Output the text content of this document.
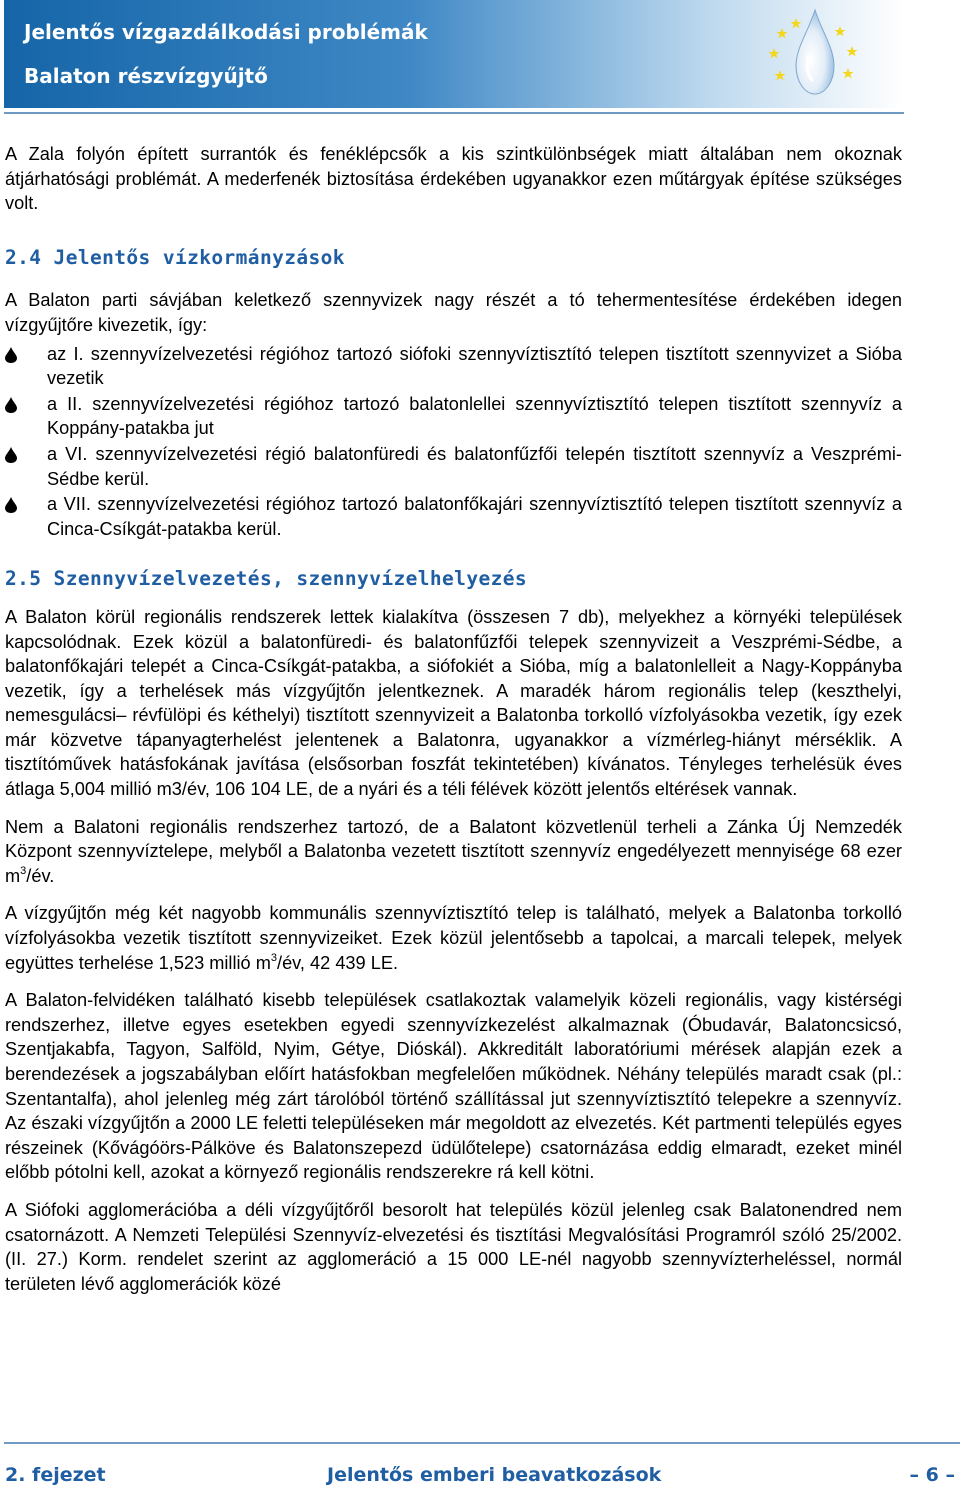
Jelentős vízgazdálkodási problémák
Balaton részvízgyűjtő

A Zala folyón épített surrantók és fenéklépcsők a kis szintkülönbségek miatt általában nem okoznak átjárhatósági problémát. A mederfenék biztosítása érdekében ugyanakkor ezen műtárgyak építése szükséges volt.

2.4 Jelentős vízkormányzások

A Balaton parti sávjában keletkező szennyvizek nagy részét a tó tehermentesítése érdekében idegen vízgyűjtőre kivezetik, így:

az I. szennyvízelvezetési régióhoz tartozó siófoki szennyvíztisztító telepen tisztított szennyvizet a Sióba vezetik
a II. szennyvízelvezetési régióhoz tartozó balatonlellei szennyvíztisztító telepen tisztított szennyvíz a Koppány-patakba jut
a VI. szennyvízelvezetési régió balatonfüredi és balatonfűzfői telepén tisztított szennyvíz a Veszprémi-Sédbe kerül.
a VII. szennyvízelvezetési régióhoz tartozó balatonfőkajári szennyvíztisztító telepen tisztított szennyvíz a Cinca-Csíkgát-patakba kerül.
2.5 Szennyvízelvezetés, szennyvízelhelyezés

A Balaton körül regionális rendszerek lettek kialakítva (összesen 7 db), melyekhez a környéki települések kapcsolódnak. Ezek közül a balatonfüredi- és balatonfűzfői telepek szennyvizeit a Veszprémi-Sédbe, a balatonfőkajári telepét a Cinca-Csíkgát-patakba, a siófokiét a Sióba, míg a balatonlelleit a Nagy-Koppányba vezetik, így a terhelések más vízgyűjtőn jelentkeznek. A maradék három regionális telep (keszthelyi, nemesgulácsi– révfülöpi és kéthelyi) tisztított szennyvizeit a Balatonba torkolló vízfolyásokba vezetik, így ezek már közvetve tápanyagterhelést jelentenek a Balatonra, ugyanakkor a vízmérleg-hiányt mérséklik. A tisztítóművek hatásfokának javítása (elsősorban foszfát tekintetében) kívánatos. Tényleges terhelésük éves átlaga 5,004 millió m3/év, 106 104 LE, de a nyári és a téli félévek között jelentős eltérések vannak.

Nem a Balatoni regionális rendszerhez tartozó, de a Balatont közvetlenül terheli a Zánka Új Nemzedék Központ szennyvíztelepe, melyből a Balatonba vezetett tisztított szennyvíz engedélyezett mennyisége 68 ezer $m^3/év$.

A vízgyűjtőn még két nagyobb kommunális szennyvíztisztító telep is található, melyek a Balatonba torkolló vízfolyásokba vezetik tisztított szennyvizeiket. Ezek közül jelentősebb a tapolcai, a marcali telepek, melyek együttes terhelése 1,523 millió $m^3/év$, 42 439 LE.

A Balaton-felvidéken található kisebb települések csatlakoztak valamelyik közeli regionális, vagy kistérségi rendszerhez, illetve egyes esetekben egyedi szennyvízkezelést alkalmaznak (Óbudavár, Balatoncsicsó, Szentjakabfa, Tagyon, Salföld, Nyim, Gétye, Dióskál). Akkreditált laboratóriumi mérések alapján ezek a berendezések a jogszabályban előírt hatásfokban megfelelően működnek. Néhány település maradt csak (pl.: Szentantalfa), ahol jelenleg még zárt tárolóból történő szállítással jut szennyvíztisztító telepekre a szennyvíz. Az északi vízgyűjtőn a 2000 LE feletti településeken már megoldott az elvezetés. Két partmenti település egyes részeinek (Kővágóörs-Pálköve és Balatonszepezd üdülőtelepe) csatornázása eddig elmaradt, ezeket minél előbb pótolni kell, azokat a környező regionális rendszerekre rá kell kötni.

A Siófoki agglomerációba a déli vízgyűjtőről besorolt hat település közül jelenleg csak Balatonendred nem csatornázott. A Nemzeti Települési Szennyvíz-elvezetési és tisztítási Megvalósítási Programról szóló 25/2002. (II. 27.) Korm. rendelet szerint az agglomeráció a 15 000 LE-nél nagyobb szennyvízterheléssel, normál területen lévő agglomerációk közé

2. fejezet	Jelentős emberi beavatkozások	– 6 –
